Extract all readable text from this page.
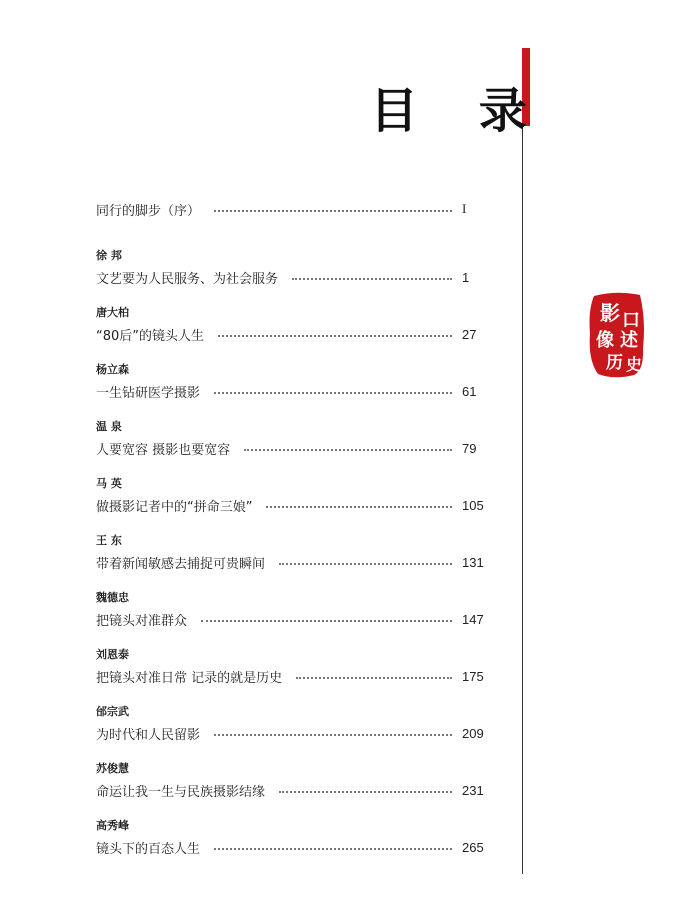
目 录
同行的脚步（序）	I
徐 邦
文艺要为人民服务、为社会服务	1
唐大柏
“80后”的镜头人生	27
杨立森
一生钻研医学摄影	61
温 泉
人要宽容 摄影也要宽容	79
马 英
做摄影记者中的“拼命三娘”	105
王 东
带着新闻敏感去捕捉可贵瞬间	131
魏德忠
把镜头对准群众	147
刘恩泰
把镜头对准日常 记录的就是历史	175
邰宗武
为时代和人民留影	209
苏俊慧
命运让我一生与民族摄影结缘	231
高秀峰
镜头下的百态人生	265
影 口
像 述
历 史
